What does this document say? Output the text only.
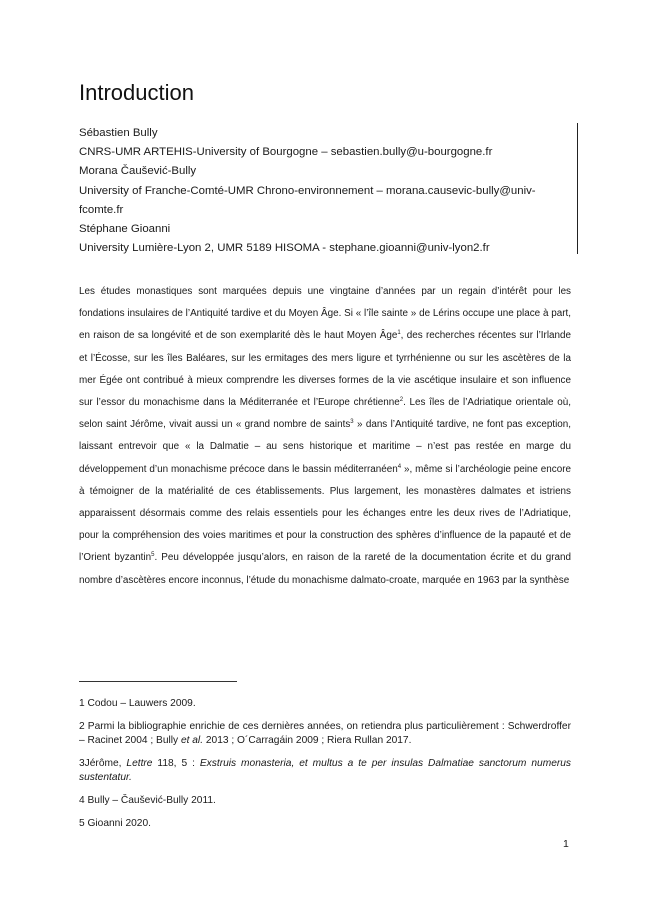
Introduction
Sébastien Bully
CNRS-UMR ARTEHIS-University of Bourgogne – sebastien.bully@u-bourgogne.fr
Morana Čaušević-Bully
University of Franche-Comté-UMR Chrono-environnement – morana.causevic-bully@univ-fcomte.fr
Stéphane Gioanni
University Lumière-Lyon 2, UMR 5189 HISOMA - stephane.gioanni@univ-lyon2.fr
Les études monastiques sont marquées depuis une vingtaine d’années par un regain d’intérêt pour les fondations insulaires de l’Antiquité tardive et du Moyen Âge. Si « l’île sainte » de Lérins occupe une place à part, en raison de sa longévité et de son exemplarité dès le haut Moyen Âge$^1$, des recherches récentes sur l’Irlande et l’Écosse, sur les îles Baléares, sur les ermitages des mers ligure et tyrrhénienne ou sur les ascètères de la mer Égée ont contribué à mieux comprendre les diverses formes de la vie ascétique insulaire et son influence sur l’essor du monachisme dans la Méditerranée et l’Europe chrétienne$^2$. Les îles de l’Adriatique orientale où, selon saint Jérôme, vivait aussi un « grand nombre de saints$^3$ » dans l’Antiquité tardive, ne font pas exception, laissant entrevoir que « la Dalmatie – au sens historique et maritime – n’est pas restée en marge du développement d’un monachisme précoce dans le bassin méditerranéen$^4$ », même si l’archéologie peine encore à témoigner de la matérialité de ces établissements. Plus largement, les monastères dalmates et istriens apparaissent désormais comme des relais essentiels pour les échanges entre les deux rives de l’Adriatique, pour la compréhension des voies maritimes et pour la construction des sphères d’influence de la papauté et de l’Orient byzantin$^5$. Peu développée jusqu’alors, en raison de la rareté de la documentation écrite et du grand nombre d’ascètères encore inconnus, l’étude du monachisme dalmato-croate, marquée en 1963 par la synthèse
1 Codou – Lauwers 2009.
2 Parmi la bibliographie enrichie de ces dernières années, on retiendra plus particulièrement : Schwerdroffer – Racinet 2004 ; Bully et al. 2013 ; O´Carragáin 2009 ; Riera Rullan 2017.
3Jérôme, Lettre 118, 5 : Exstruis monasteria, et multus a te per insulas Dalmatiae sanctorum numerus sustentatur.
4 Bully – Čaušević-Bully 2011.
5 Gioanni 2020.
1
